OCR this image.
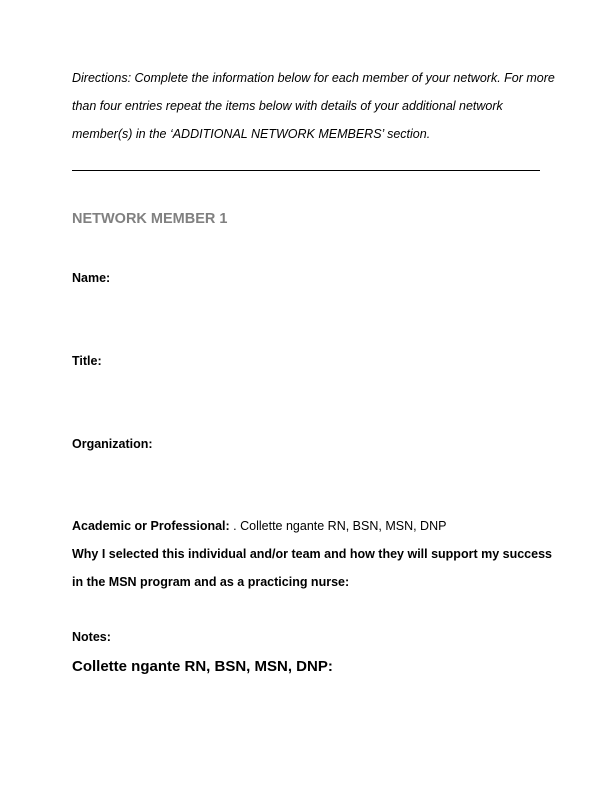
Directions: Complete the information below for each member of your network. For more
than four entries repeat the items below with details of your additional network
member(s) in the ‘ADDITIONAL NETWORK MEMBERS’ section.
NETWORK MEMBER 1
Name:
Title:
Organization:
Academic or Professional: . Collette ngante RN, BSN, MSN, DNP
Why I selected this individual and/or team and how they will support my success
in the MSN program and as a practicing nurse:
Notes:
Collette ngante RN, BSN, MSN, DNP:
